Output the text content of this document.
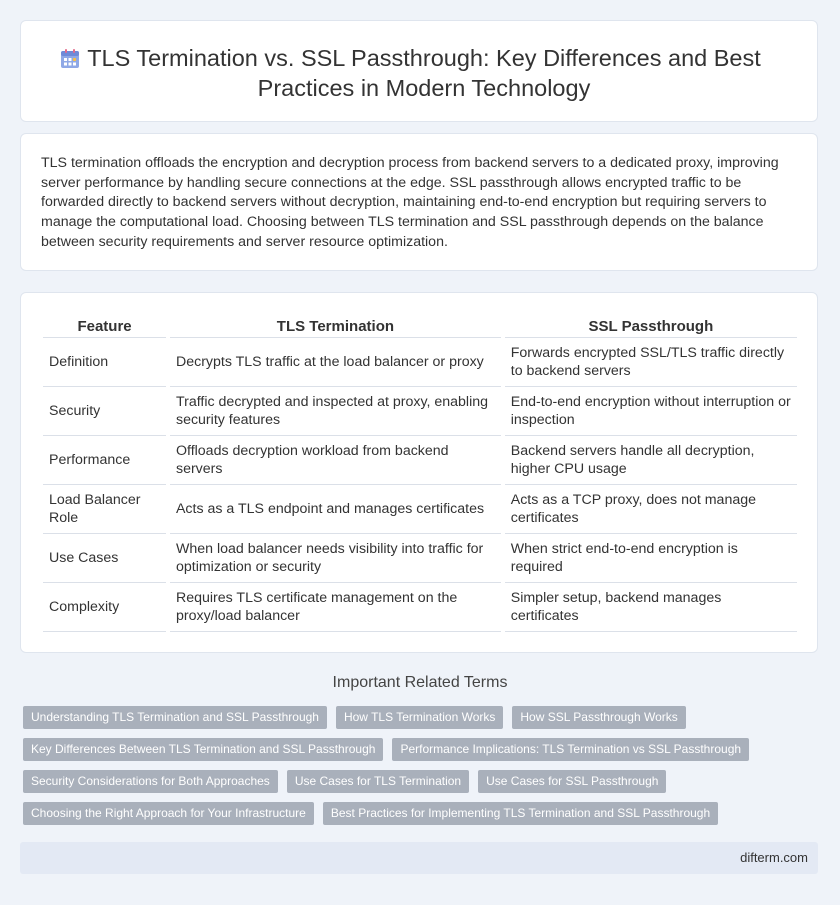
TLS Termination vs. SSL Passthrough: Key Differences and Best Practices in Modern Technology
TLS termination offloads the encryption and decryption process from backend servers to a dedicated proxy, improving server performance by handling secure connections at the edge. SSL passthrough allows encrypted traffic to be forwarded directly to backend servers without decryption, maintaining end-to-end encryption but requiring servers to manage the computational load. Choosing between TLS termination and SSL passthrough depends on the balance between security requirements and server resource optimization.
Feature		TLS Termination		SSL Passthrough
Definition		Decrypts TLS traffic at the load balancer or proxy		Forwards encrypted SSL/TLS traffic directly to backend servers
Security		Traffic decrypted and inspected at proxy, enabling security features		End-to-end encryption without interruption or inspection
Performance		Offloads decryption workload from backend servers		Backend servers handle all decryption, higher CPU usage
Load Balancer Role		Acts as a TLS endpoint and manages certificates		Acts as a TCP proxy, does not manage certificates
Use Cases		When load balancer needs visibility into traffic for optimization or security		When strict end-to-end encryption is required
Complexity		Requires TLS certificate management on the proxy/load balancer		Simpler setup, backend manages certificates
Important Related Terms
Understanding TLS Termination and SSL Passthrough	How TLS Termination Works	How SSL Passthrough Works
Key Differences Between TLS Termination and SSL Passthrough	Performance Implications: TLS Termination vs SSL Passthrough
Security Considerations for Both Approaches	Use Cases for TLS Termination	Use Cases for SSL Passthrough
Choosing the Right Approach for Your Infrastructure	Best Practices for Implementing TLS Termination and SSL Passthrough
difterm.com
